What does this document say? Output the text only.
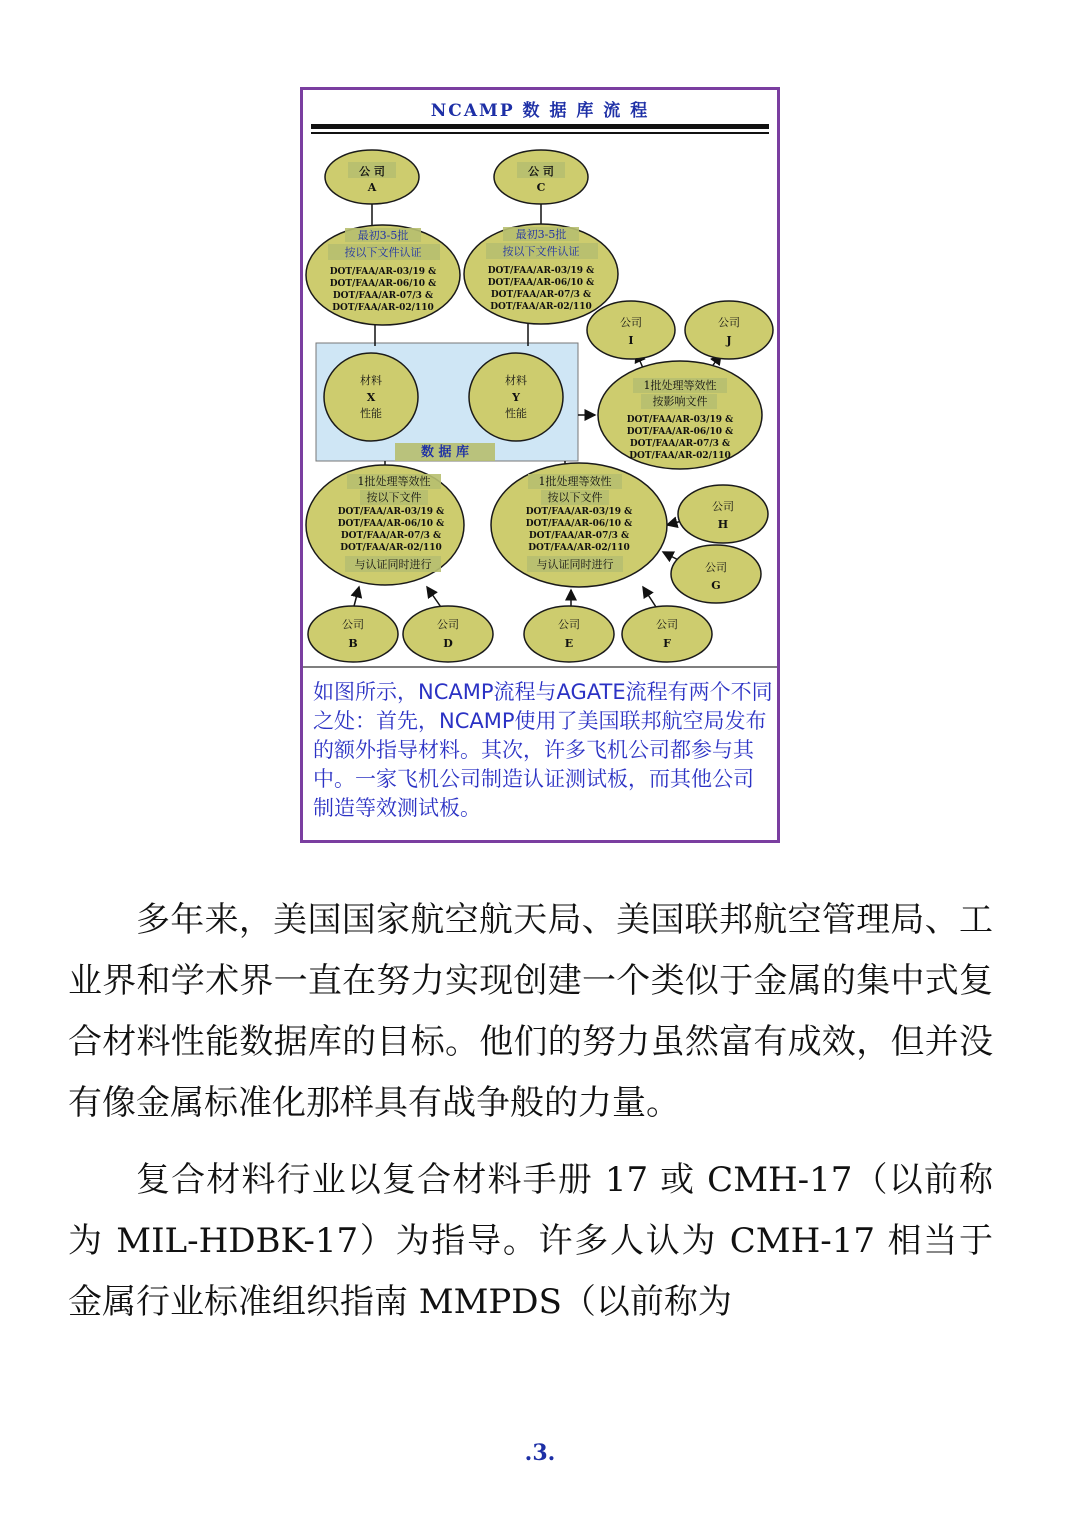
NCAMP 数 据 库 流 程
公 司
A
公 司
C
公司
I
公司
J
公司
H
公司
G
公司
B
公司
D
公司
E
公司
F
最初3-5批
按以下文件认证
DOT/FAA/AR-03/19 &
DOT/FAA/AR-06/10 &
DOT/FAA/AR-07/3 &
DOT/FAA/AR-02/110
最初3-5批
按以下文件认证
DOT/FAA/AR-03/19 &
DOT/FAA/AR-06/10 &
DOT/FAA/AR-07/3 &
DOT/FAA/AR-02/110
1批处理等效性
按影响文件
DOT/FAA/AR-03/19 &
DOT/FAA/AR-06/10 &
DOT/FAA/AR-07/3 &
DOT/FAA/AR-02/110
1批处理等效性
按以下文件
DOT/FAA/AR-03/19 &
DOT/FAA/AR-06/10 &
DOT/FAA/AR-07/3 &
DOT/FAA/AR-02/110
与认证同时进行
1批处理等效性
按以下文件
DOT/FAA/AR-03/19 &
DOT/FAA/AR-06/10 &
DOT/FAA/AR-07/3 &
DOT/FAA/AR-02/110
与认证同时进行
材料
X
性能
材料
Y
性能
数 据 库
如图所示，NCAMP流程与AGATE流程有两个不同之处：首先，NCAMP使用了美国联邦航空局发布的额外指导材料。其次，许多飞机公司都参与其中。一家飞机公司制造认证测试板，而其他公司制造等效测试板。

多年来，美国国家航空航天局、美国联邦航空管理局、工业界和学术界一直在努力实现创建一个类似于金属的集中式复合材料性能数据库的目标。他们的努力虽然富有成效，但并没有像金属标准化那样具有战争般的力量。

复合材料行业以复合材料手册 17 或 CMH-17（以前称为 MIL-HDBK-17）为指导。许多人认为 CMH-17 相当于金属行业标准组织指南 MMPDS（以前称为

.3.
